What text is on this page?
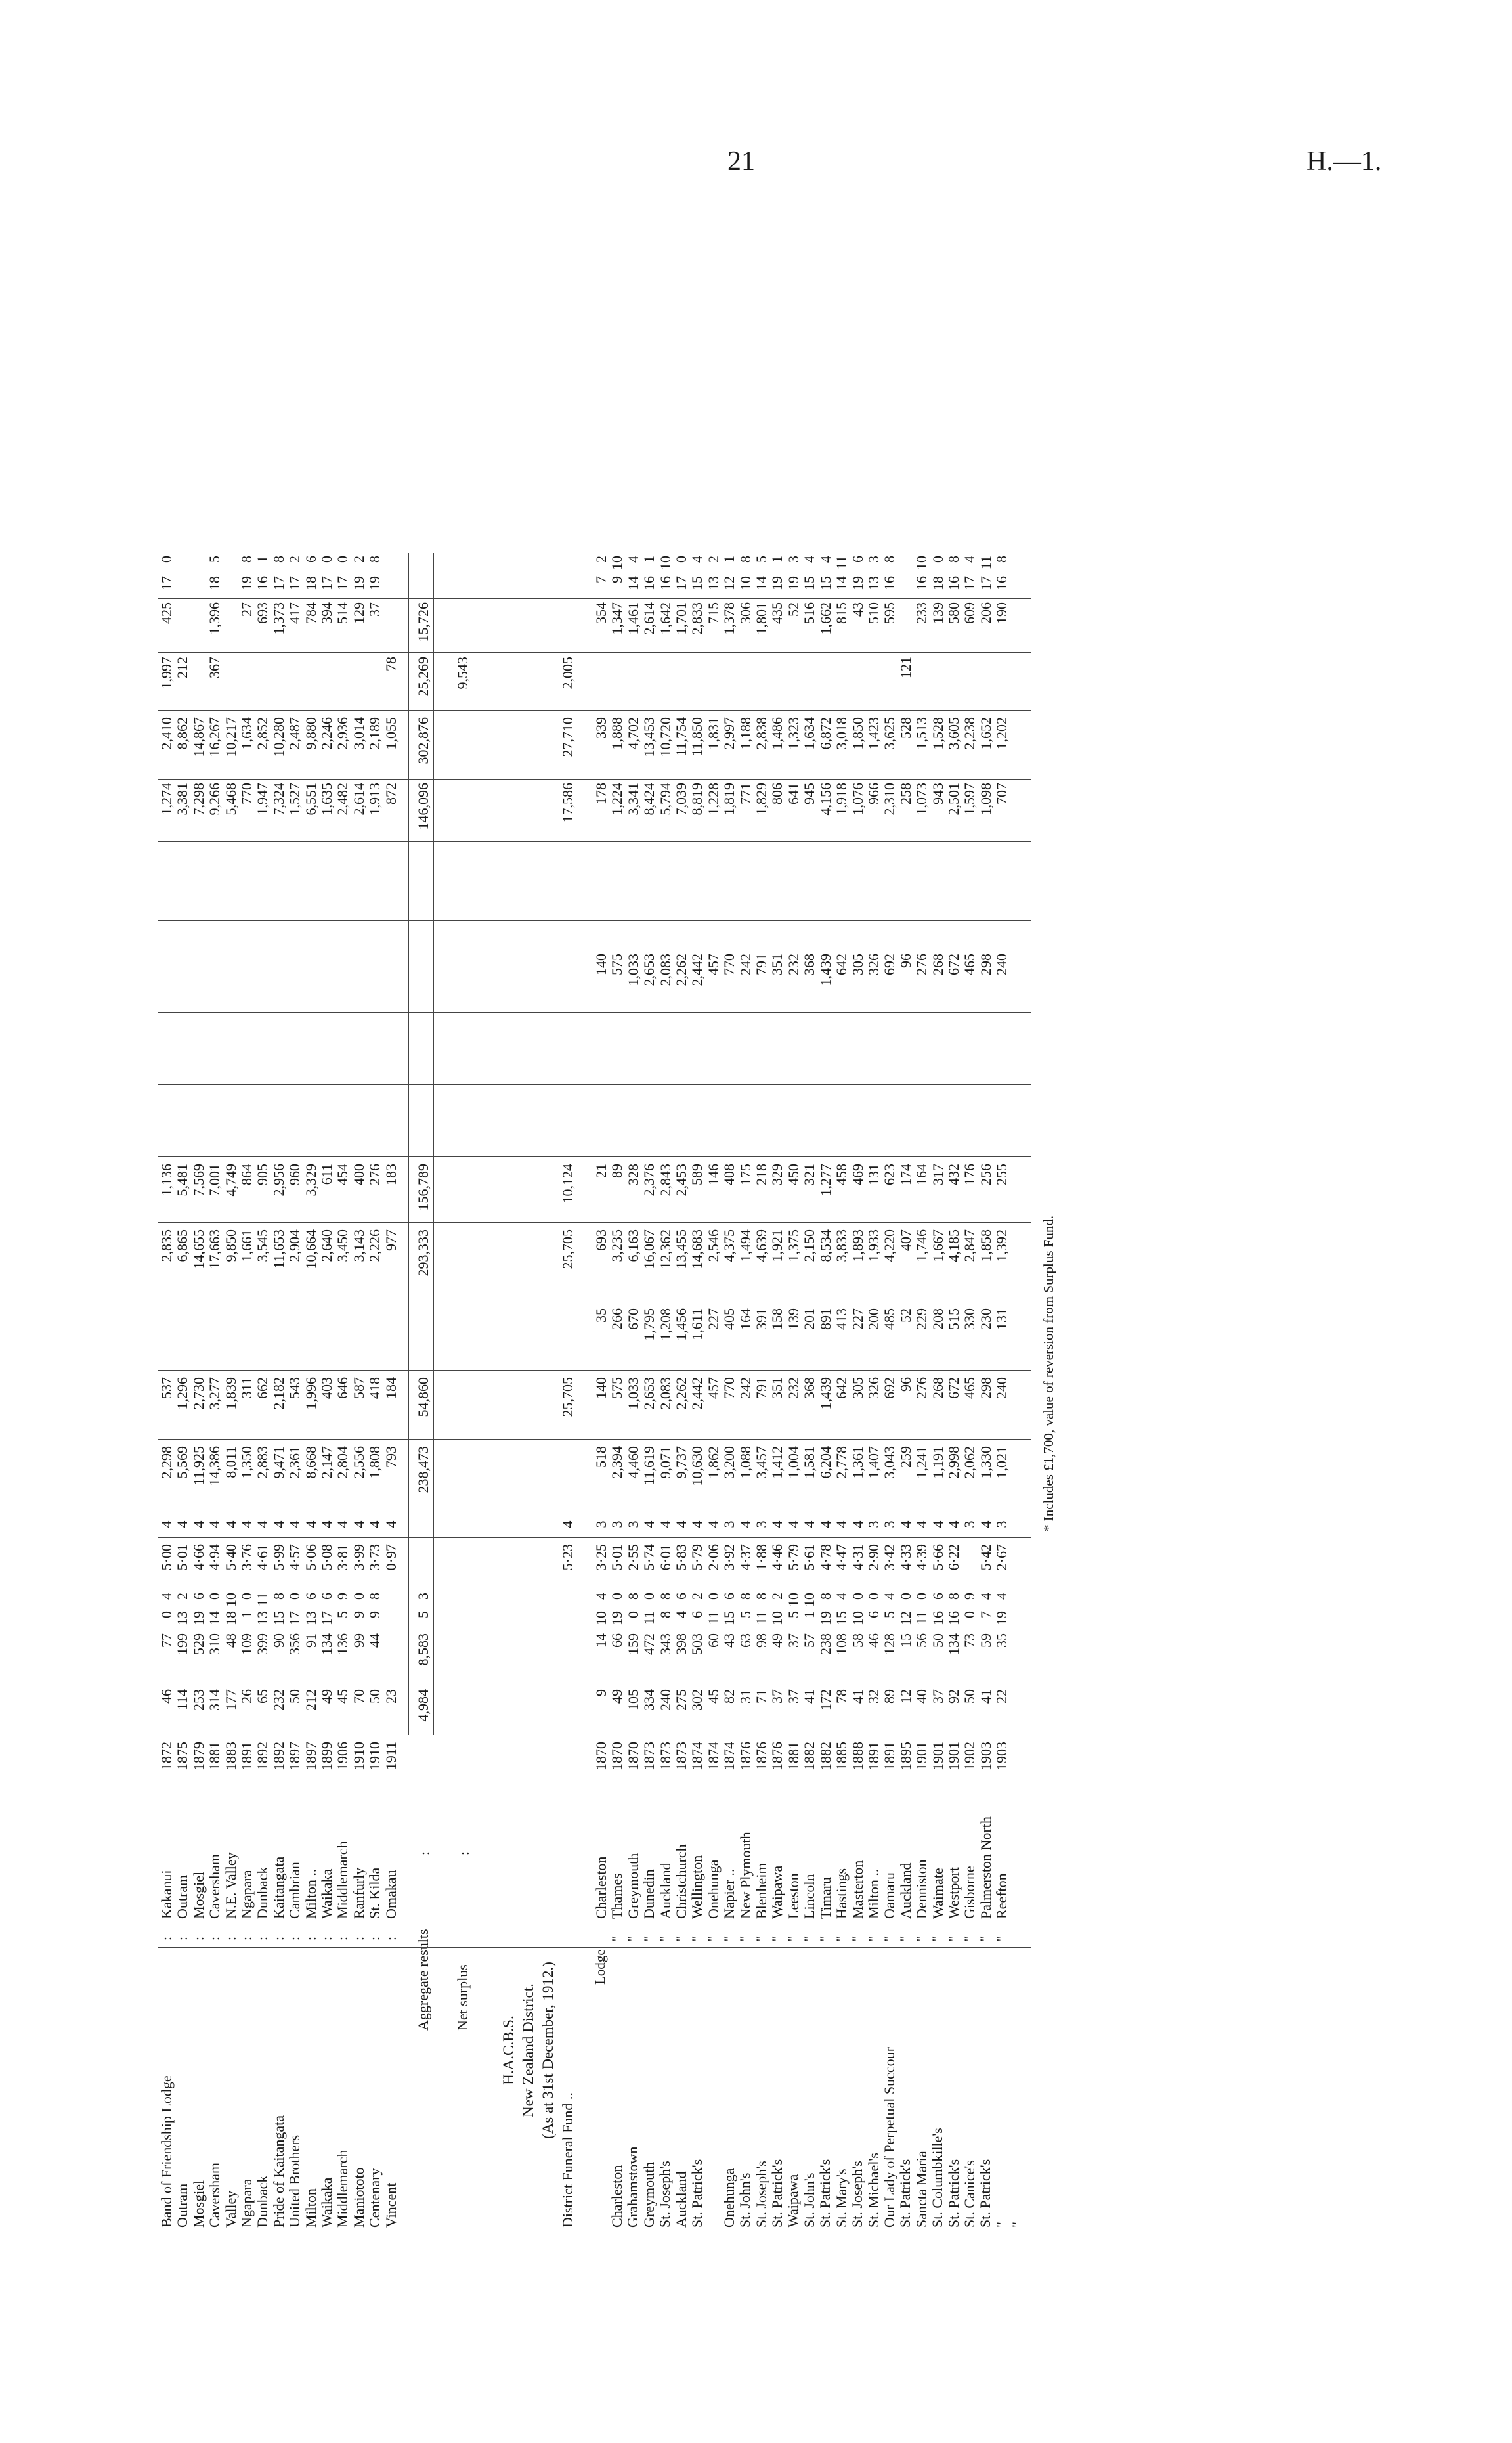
21	H.—1.
Band of Friendship Lodge
Outram
Mosgiel
Caversham
Valley
Ngapara
Dunback
Pride of Kaitangata
United Brothers
Milton
Waikaka
Middlemarch
Maniototo
Centenary
Vincent
:
:
:
:
:
:
:
:
:
:
:
:
:
:
:
Kakanui
Outram
Mosgiel
Caversham
N.E. Valley
Ngapara
Dunback
Kaitangata
Cambrian
Milton ..
Waikaka
Middlemarch
Ranfurly
St. Kilda
Omakau
1872
1875
1879
1881
1883
1891
1892
1892
1897
1897
1899
1906
1910
1910
1911
46
114
253
314
177
26
65
232
50
212
49
45
70
50
23
77
199
529
310
48
109
399
90
356
91
134
136
99
44
0
13
19
14
18
1
13
15
17
13
17
5
9
9
4
2
6
0
10
0
11
8
0
6
6
9
0
8
5·00
5·01
4·66
4·94
5·40
3·76
4·61
5·99
4·57
5·06
5·08
3·81
3·99
3·73
0·97
4
4
4
4
4
4
4
4
4
4
4
4
4
4
4
2,298
5,569
11,925
14,386
8,011
1,350
2,883
9,471
2,361
8,668
2,147
2,804
2,556
1,808
793
537
1,296
2,730
3,277
1,839
311
662
2,182
543
1,996
403
646
587
418
184
2,835
6,865
14,655
17,663
9,850
1,661
3,545
11,653
2,904
10,664
2,640
3,450
3,143
2,226
977
1,136
5,481
7,569
7,001
4,749
864
905
2,956
960
3,329
611
454
400
276
183
1,274
3,381
7,298
9,266
5,468
770
1,947
7,324
1,527
6,551
1,635
2,482
2,614
1,913
872
2,410
8,862
14,867
16,267
10,217
1,634
2,852
10,280
2,487
9,880
2,246
2,936
3,014
2,189
1,055
1,997
212

367

78
425

1,396

27
693
1,373
417
784
394
514
129
37
17

18

19
16
17
17
18
17
17
19
19
0

5

8
1
8
2
6
0
0
2
8
Aggregate results Net surplus
:

:
4,984
8,583
5
3
238,473
54,860
293,333
156,789
146,096
302,876
25,269 9,543
15,726
H.A.C.B.S.
New Zealand District.
(As at 31st December, 1912.)
District Funeral Fund ..
5·23
4
25,705
25,705
10,124
17,586
27,710
2,005
Lodge
Charleston
Grahamstown
Greymouth
St. Joseph's
Auckland
St. Patrick's

Onehunga
St. John's
St. Joseph's
St. Patrick's
Waipawa
St. John's
St. Patrick's
St. Mary's
St. Joseph's
St. Michael's
Our Lady of Perpetual Succour
St. Patrick's
Sancta Maria
St. Columbkille's
St. Patrick's
St. Canice's
St. Patrick's
"
"
"
"
"
"
"
"
"
"
"
"
"
"
"
"
"
"
"
"
"
"
"
"
"
"
"
Charleston
Thames
Greymouth
Dunedin
Auckland
Christchurch
Wellington
Onehunga
Napier ..
New Plymouth
Blenheim
Waipawa
Leeston
Lincoln
Timaru
Hastings
Masterton
Milton ..
Oamaru
Auckland
Denniston
Waimate
Westport
Gisborne
Palmerston North
Reefton
1870
1870
1870
1873
1873
1873
1874
1874
1874
1876
1876
1876
1881
1882
1882
1885
1888
1891
1891
1895
1901
1901
1901
1902
1903
1903
9
49
105
334
240
275
302
45
82
31
71
37
37
41
172
78
41
32
89
12
40
37
92
50
41
22
14
66
159
472
343
398
503
60
43
63
98
49
37
57
238
108
58
46
128
15
56
50
134
73
59
35
10
19
0
11
8
4
6
11
15
5
11
10
5
1
19
15
10
6
5
12
11
16
16
0
7
19
4
0
8
0
8
6
2
0
6
8
8
2
10
10
8
4
0
0
4
0
0
6
8
9
4
4
3·25
5·01
2·55
5·74
6·01
5·83
5·79
2·06
3·92
4·37
1·88
4·46
5·79
5·61
4·78
4·47
4·31
2·90
3·42
4·33
4·39
5·66
6·22

5·42
2·67
3
3
3
4
4
4
4
4
3
4
3
4
4
4
4
4
4
3
3
4
4
4
4
3
4
3
518
2,394
4,460
11,619
9,071
9,737
10,630
1,862
3,200
1,088
3,457
1,412
1,004
1,581
6,204
2,778
1,361
1,407
3,043
259
1,241
1,191
2,998
2,062
1,330
1,021
140
575
1,033
2,653
2,083
2,262
2,442
457
770
242
791
351
232
368
1,439
642
305
326
692
96
276
268
672
465
298
240
35
266
670
1,795
1,208
1,456
1,611
227
405
164
391
158
139
201
891
413
227
200
485
52
229
208
515
330
230
131
693
3,235
6,163
16,067
12,362
13,455
14,683
2,546
4,375
1,494
4,639
1,921
1,375
2,150
8,534
3,833
1,893
1,933
4,220
407
1,746
1,667
4,185
2,847
1,858
1,392
21
89
328
2,376
2,843
2,453
589
146
408
175
218
329
450
321
1,277
458
469
131
623
174
164
317
432
176
256
255
140
575
1,033
2,653
2,083
2,262
2,442
457
770
242
791
351
232
368
1,439
642
305
326
692
96
276
268
672
465
298
240
178
1,224
3,341
8,424
5,794
7,039
8,819
1,228
1,819
771
1,829
806
641
945
4,156
1,918
1,076
966
2,310
258
1,073
943
2,501
1,597
1,098
707
339
1,888
4,702
13,453
10,720
11,754
11,850
1,831
2,997
1,188
2,838
1,486
1,323
1,634
6,872
3,018
1,850
1,423
3,625
528
1,513
1,528
3,605
2,238
1,652
1,202

121
354
1,347
1,461
2,614
1,642
1,701
2,833
715
1,378
306
1,801
435
52
516
1,662
815
43
510
595

233
139
580
609
206
190
7
9
14
16
16
17
15
13
12
10
14
19
19
15
15
14
19
13
16

16
18
16
17
17
16
2
10
4
1
10
0
4
2
1
8
5
1
3
4
4
11
6
3
8

10
0
8
4
11
8
* Includes £1,700, value of reversion from Surplus Fund.
